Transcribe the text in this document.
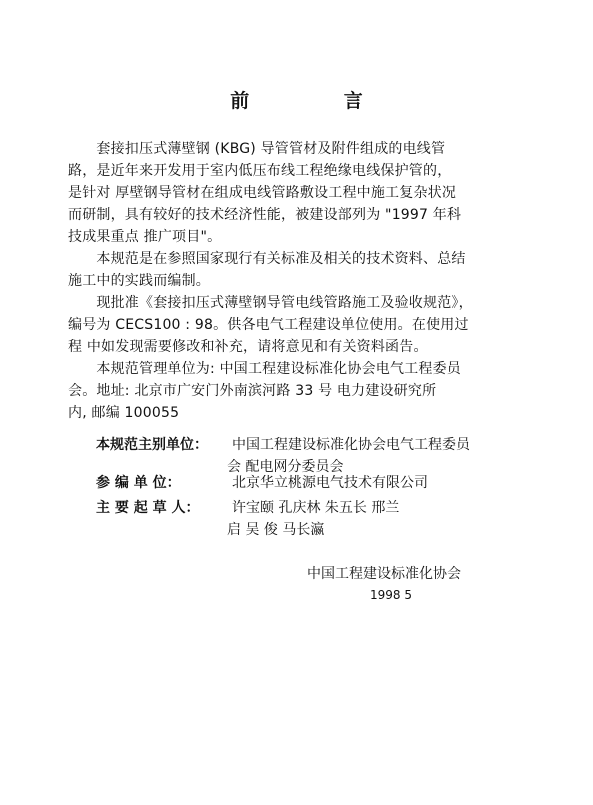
前 言
　　套接扣压式薄壁钢 (KBG) 导管管材及附件组成的电线管
路，是近年来开发用于室内低压布线工程绝缘电线保护管的，
是针对 厚壁钢导管材在组成电线管路敷设工程中施工复杂状况
而研制，具有较好的技术经济性能，被建设部列为 "1997 年科
技成果重点 推广项目"。
　　本规范是在参照国家现行有关标准及相关的技术资料、总结
施工中的实践而编制。
　　现批准《套接扣压式薄壁钢导管电线管路施工及验收规范》，
编号为 CECS100 : 98。供各电气工程建设单位使用。在使用过
程 中如发现需要修改和补充，请将意见和有关资料函告。
　　本规范管理单位为: 中国工程建设标准化协会电气工程委员
会。地址: 北京市广安门外南滨河路 33 号 电力建设研究所
内, 邮编 100055
本规范主别单位：	中国工程建设标准化协会电气工程委员
会 配电网分委员会
参 编 单 位：	北京华立桃源电气技术有限公司
主 要 起 草 人：	许宝颐 孔庆林 朱五长 邢兰
启 吴 俊 马长瀛
中国工程建设标准化协会
1998 5
